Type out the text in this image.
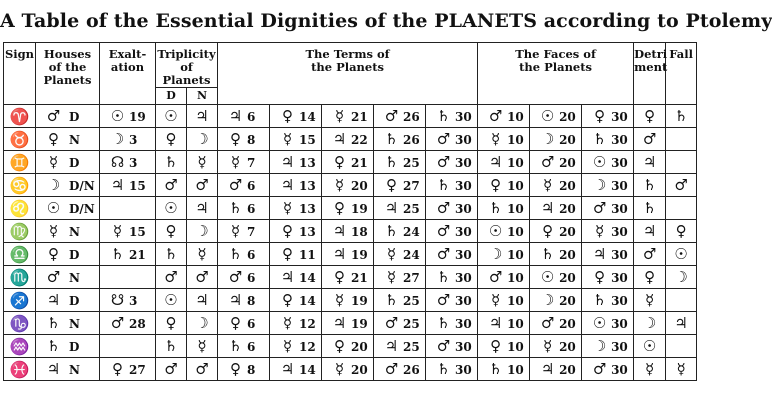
A Table of the Essential Dignities of the PLANETS according to Ptolemy
Sign	Houses of the Planets	Exalt-ation	Triplicity of Planets		The Terms of the Planets					The Faces of the Planets			Detri ment	Fall
			D	N										
♈	♂ D	☉ 19	☉	♃	♃ 6	♀ 14	☿ 21	♂ 26	♄ 30	♂ 10	☉ 20	♀ 30	♀	♄
♉	♀ N	☽ 3	♀	☽	♀ 8	☿ 15	♃ 22	♄ 26	♂ 30	☿ 10	☽ 20	♄ 30	♂	
♊	☿ D	☊ 3	♄	☿	☿ 7	♃ 13	♀ 21	♄ 25	♂ 30	♃ 10	♂ 20	☉ 30	♃	
♋	☽ D/N	♃ 15	♂	♂	♂ 6	♃ 13	☿ 20	♀ 27	♄ 30	♀ 10	☿ 20	☽ 30	♄	♂
♌	☉ D/N		☉	♃	♄ 6	☿ 13	♀ 19	♃ 25	♂ 30	♄ 10	♃ 20	♂ 30	♄	
♍	☿ N	☿ 15	♀	☽	☿ 7	♀ 13	♃ 18	♄ 24	♂ 30	☉ 10	♀ 20	☿ 30	♃	♀
♎	♀ D	♄ 21	♄	☿	♄ 6	♀ 11	♃ 19	☿ 24	♂ 30	☽ 10	♄ 20	♃ 30	♂	☉
♏	♂ N		♂	♂	♂ 6	♃ 14	♀ 21	☿ 27	♄ 30	♂ 10	☉ 20	♀ 30	♀	☽
♐	♃ D	☋ 3	☉	♃	♃ 8	♀ 14	☿ 19	♄ 25	♂ 30	☿ 10	☽ 20	♄ 30	☿	
♑	♄ N	♂ 28	♀	☽	♀ 6	☿ 12	♃ 19	♂ 25	♄ 30	♃ 10	♂ 20	☉ 30	☽	♃
♒	♄ D		♄	☿	♄ 6	☿ 12	♀ 20	♃ 25	♂ 30	♀ 10	☿ 20	☽ 30	☉	
♓	♃ N	♀ 27	♂	♂	♀ 8	♃ 14	☿ 20	♂ 26	♄ 30	♄ 10	♃ 20	♂ 30	☿	☿
